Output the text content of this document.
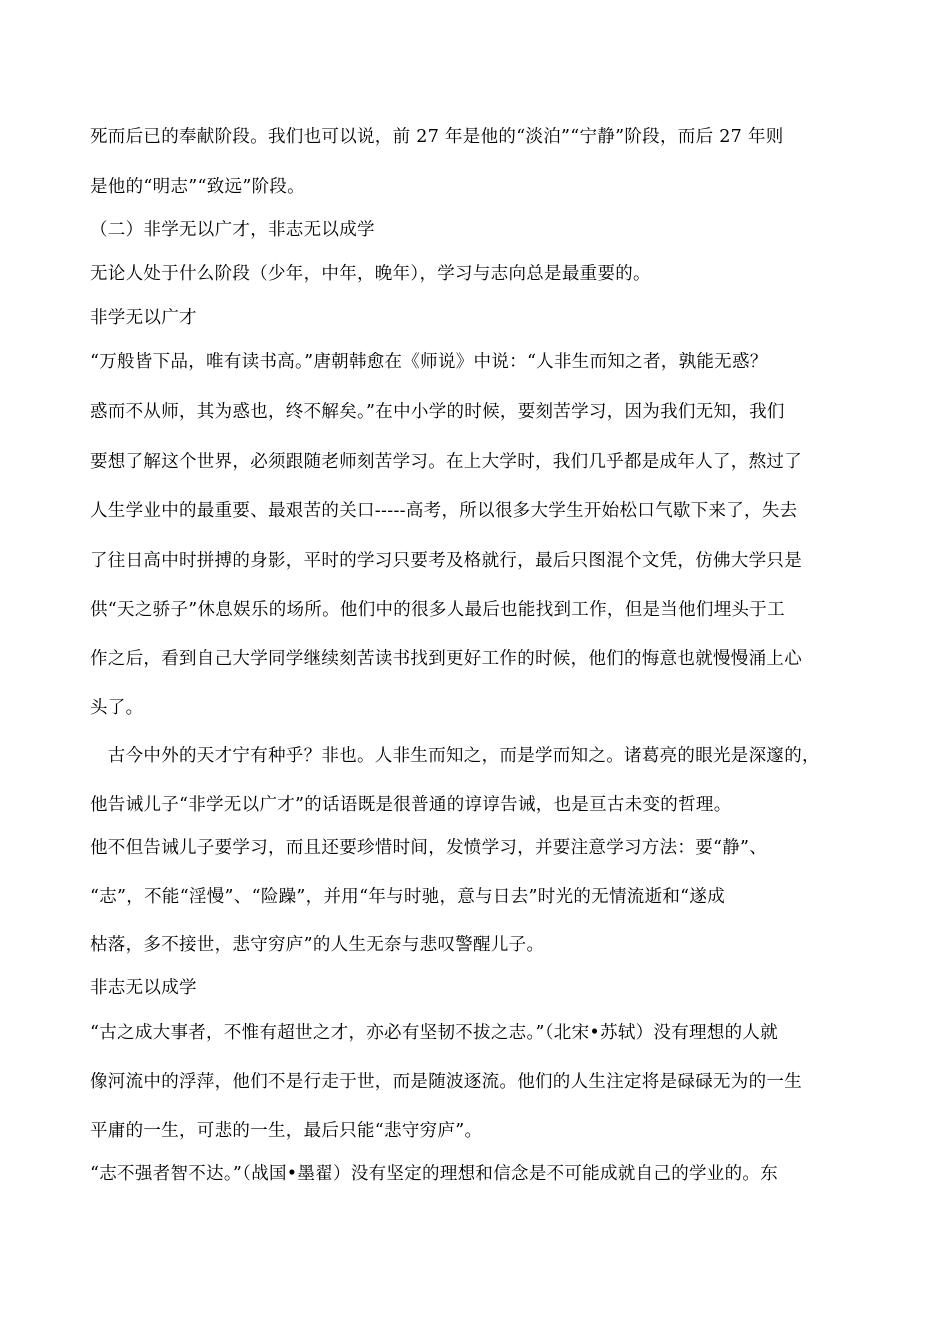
死而后已的奉献阶段。我们也可以说，前 27 年是他的“淡泊”“宁静”阶段，而后 27 年则
是他的“明志”“致远”阶段。
（二）非学无以广才，非志无以成学
无论人处于什么阶段（少年，中年，晚年），学习与志向总是最重要的。
非学无以广才
“万般皆下品，唯有读书高。”唐朝韩愈在《师说》中说：“人非生而知之者，孰能无惑？
惑而不从师，其为惑也，终不解矣。”在中小学的时候，要刻苦学习，因为我们无知，我们
要想了解这个世界，必须跟随老师刻苦学习。在上大学时，我们几乎都是成年人了，熬过了
人生学业中的最重要、最艰苦的关口-----高考，所以很多大学生开始松口气歇下来了，失去
了往日高中时拼搏的身影，平时的学习只要考及格就行，最后只图混个文凭，仿佛大学只是
供“天之骄子”休息娱乐的场所。他们中的很多人最后也能找到工作，但是当他们埋头于工
作之后，看到自己大学同学继续刻苦读书找到更好工作的时候，他们的悔意也就慢慢涌上心
头了。
　古今中外的天才宁有种乎？非也。人非生而知之，而是学而知之。诸葛亮的眼光是深邃的，
他告诫儿子“非学无以广才”的话语既是很普通的谆谆告诫，也是亘古未变的哲理。
他不但告诫儿子要学习，而且还要珍惜时间，发愤学习，并要注意学习方法：要“静”、
“志”，不能“淫慢”、“险躁”，并用“年与时驰，意与日去”时光的无情流逝和“遂成
枯落，多不接世，悲守穷庐”的人生无奈与悲叹警醒儿子。
非志无以成学
“古之成大事者，不惟有超世之才，亦必有坚韧不拔之志。”（北宋•苏轼）没有理想的人就
像河流中的浮萍，他们不是行走于世，而是随波逐流。他们的人生注定将是碌碌无为的一生
平庸的一生，可悲的一生，最后只能“悲守穷庐”。
“志不强者智不达。”（战国•墨翟）没有坚定的理想和信念是不可能成就自己的学业的。东
